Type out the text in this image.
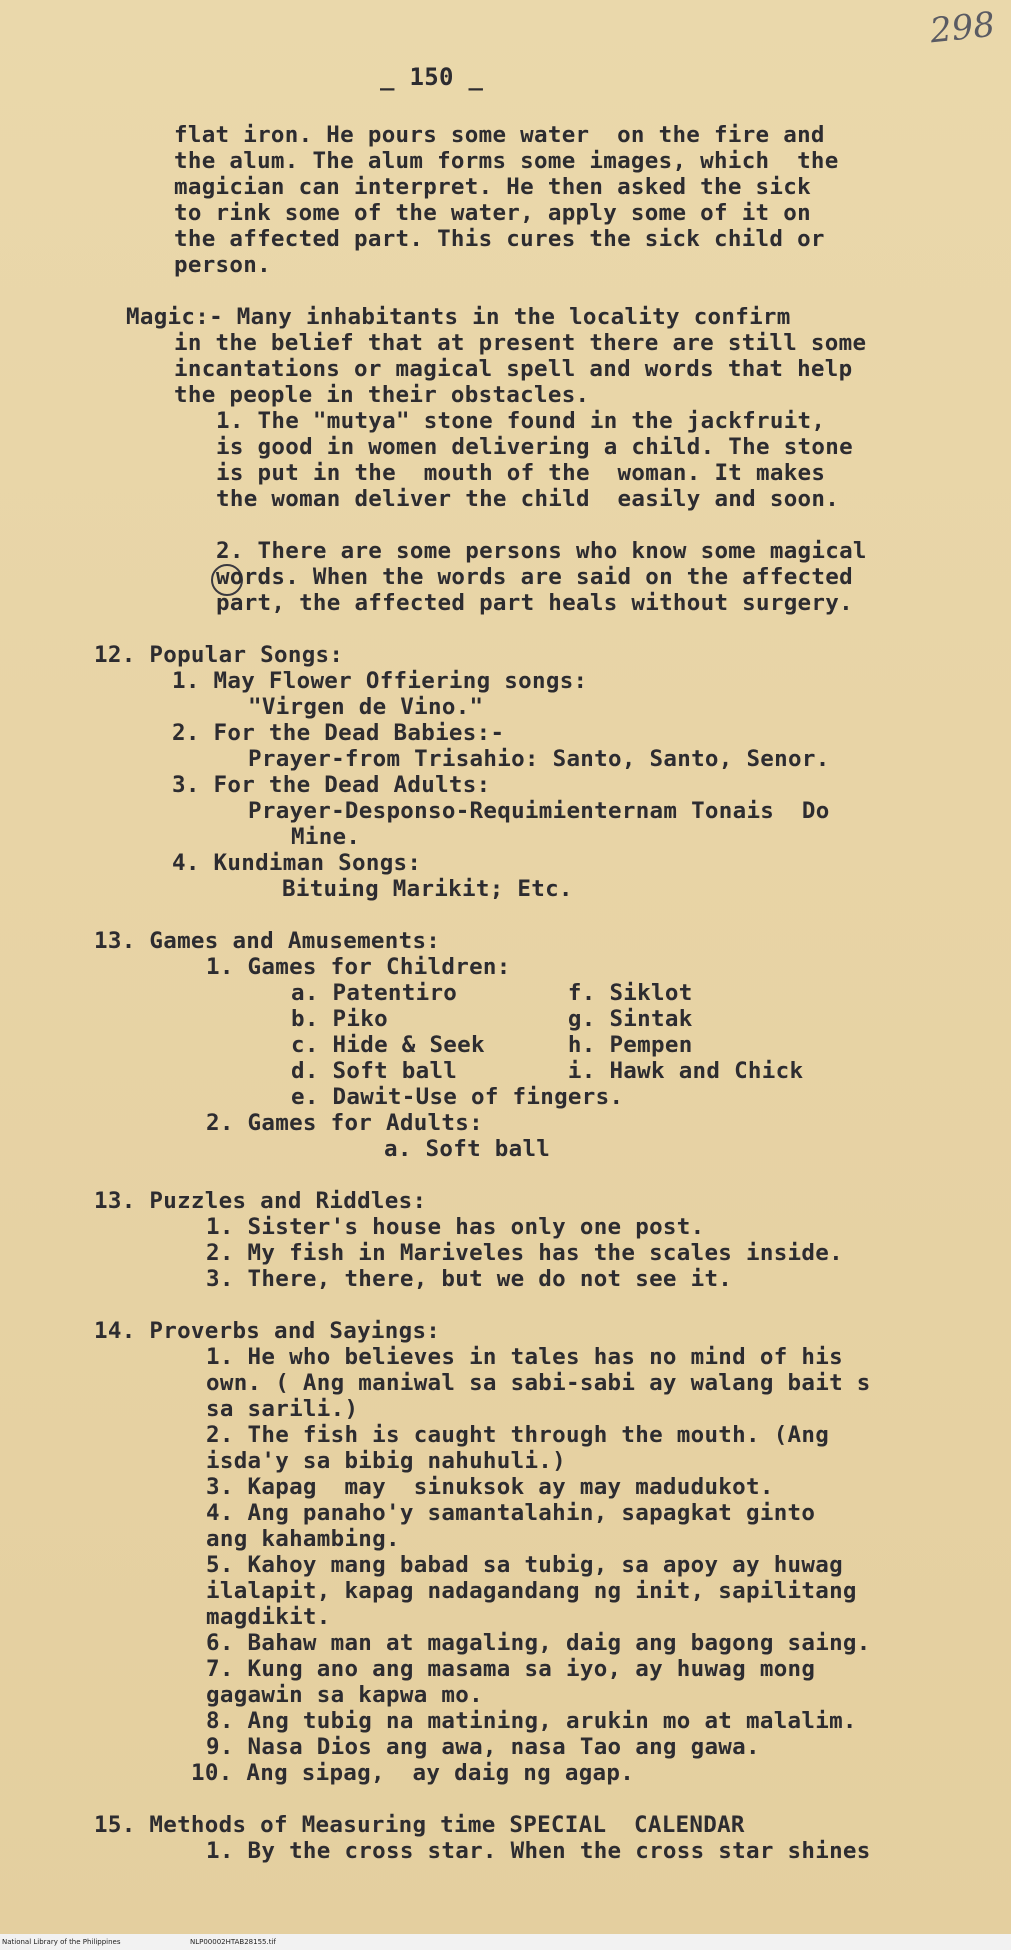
298
_ 150 _
flat iron. He pours some water  on the fire and
the alum. The alum forms some images, which  the
magician can interpret. He then asked the sick
to rink some of the water, apply some of it on
the affected part. This cures the sick child or
person.
Magic:- Many inhabitants in the locality confirm
in the belief that at present there are still some
incantations or magical spell and words that help
the people in their obstacles.
1. The "mutya" stone found in the jackfruit,
is good in women delivering a child. The stone
is put in the  mouth of the  woman. It makes
the woman deliver the child  easily and soon.
2. There are some persons who know some magical
words. When the words are said on the affected
part, the affected part heals without surgery.
12. Popular Songs:
1. May Flower Offiering songs:
"Virgen de Vino."
2. For the Dead Babies:-
Prayer-from Trisahio: Santo, Santo, Senor.
3. For the Dead Adults:
Prayer-Desponso-Requimienternam Tonais  Do
Mine.
4. Kundiman Songs:
Bituing Marikit; Etc.
13. Games and Amusements:
1. Games for Children:
a. Patentiro        f. Siklot
b. Piko             g. Sintak
c. Hide & Seek      h. Pempen
d. Soft ball        i. Hawk and Chick
e. Dawit-Use of fingers.
2. Games for Adults:
a. Soft ball
13. Puzzles and Riddles:
1. Sister's house has only one post.
2. My fish in Mariveles has the scales inside.
3. There, there, but we do not see it.
14. Proverbs and Sayings:
1. He who believes in tales has no mind of his
own. ( Ang maniwal sa sabi-sabi ay walang bait s
sa sarili.)
2. The fish is caught through the mouth. (Ang
isda'y sa bibig nahuhuli.)
3. Kapag  may  sinuksok ay may madudukot.
4. Ang panaho'y samantalahin, sapagkat ginto
ang kahambing.
5. Kahoy mang babad sa tubig, sa apoy ay huwag
ilalapit, kapag nadagandang ng init, sapilitang
magdikit.
6. Bahaw man at magaling, daig ang bagong saing.
7. Kung ano ang masama sa iyo, ay huwag mong
gagawin sa kapwa mo.
8. Ang tubig na matining, arukin mo at malalim.
9. Nasa Dios ang awa, nasa Tao ang gawa.
10. Ang sipag,  ay daig ng agap.
15. Methods of Measuring time SPECIAL  CALENDAR
1. By the cross star. When the cross star shines
National Library of the Philippines	NLP00002HTAB28155.tif
